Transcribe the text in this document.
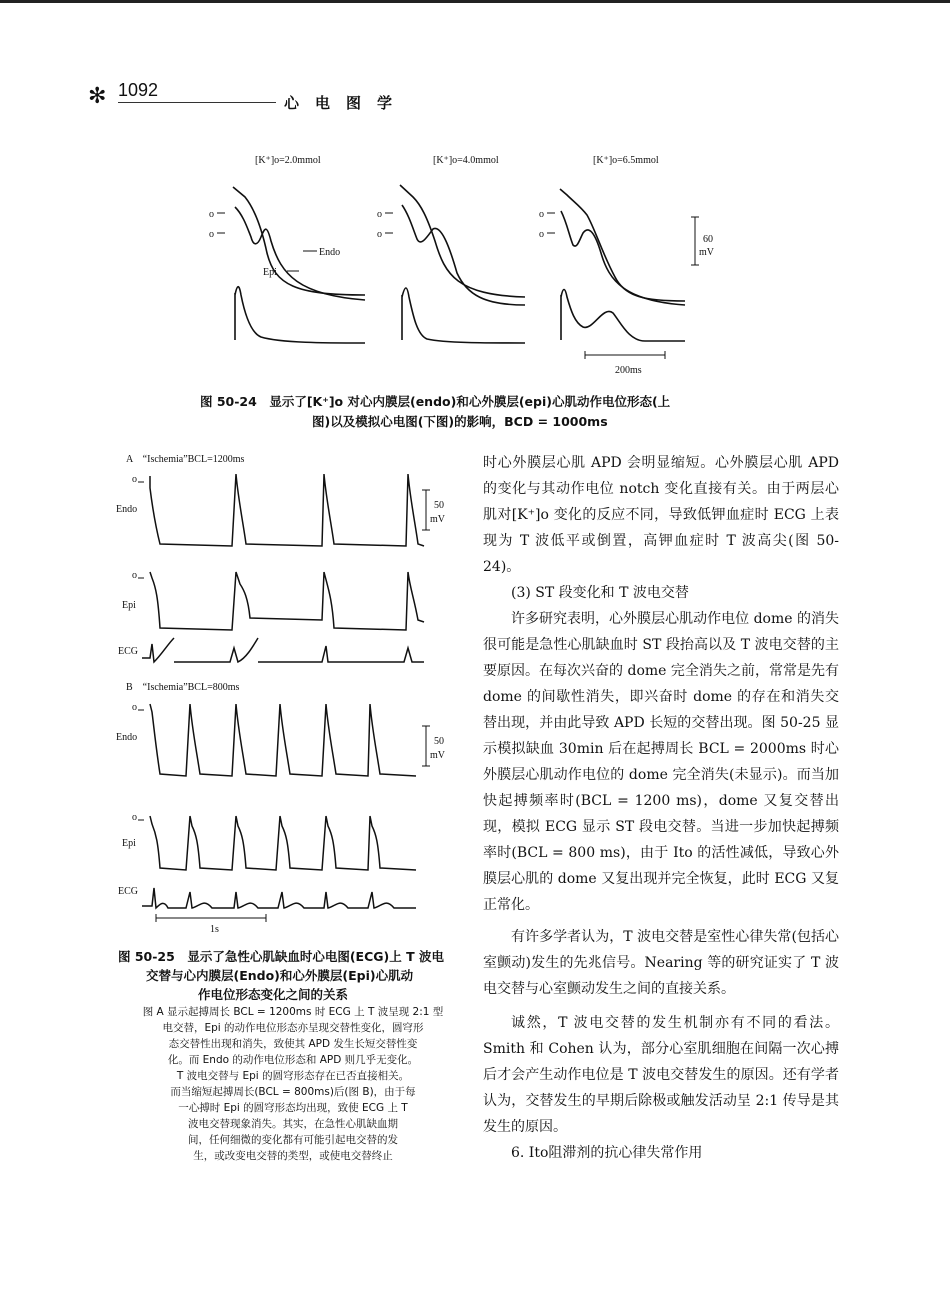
✻ 1092
心电图学
[K⁺]o=2.0mmol	[K⁺]o=4.0mmol	[K⁺]o=6.5mmol
o
o
o
o
o
o
Endo
Epi
60
mV
200ms
图 50-24　显示了[K⁺]o 对心内膜层(endo)和心外膜层(epi)心肌动作电位形态(上
图)以及模拟心电图(下图)的影响，BCD = 1000ms
A　“Ischemia”BCL=1200ms
o
Endo
o
Epi
ECG
B　“Ischemia”BCL=800ms
o
Endo
o
Epi
ECG
1s
50
mV
50
mV
图 50-25　显示了急性心肌缺血时心电图(ECG)上 T 波电
交替与心内膜层(Endo)和心外膜层(Epi)心肌动
作电位形态变化之间的关系
图 A 显示起搏周长 BCL = 1200ms 时 ECG 上 T 波呈现 2:1 型
电交替，Epi 的动作电位形态亦呈现交替性变化，圆穹形
态交替性出现和消失，致使其 APD 发生长短交替性变
化。而 Endo 的动作电位形态和 APD 则几乎无变化。
T 波电交替与 Epi 的圆穹形态存在已否直接相关。
而当缩短起搏周长(BCL = 800ms)后(图 B)，由于每
一心搏时 Epi 的圆穹形态均出现，致使 ECG 上 T
波电交替现象消失。其实，在急性心肌缺血期
间，任何细微的变化都有可能引起电交替的发
生，或改变电交替的类型，或使电交替终止

时心外膜层心肌 APD 会明显缩短。心外膜层心肌 APD 的变化与其动作电位 notch 变化直接有关。由于两层心肌对[K⁺]o 变化的反应不同，导致低钾血症时 ECG 上表现为 T 波低平或倒置，高钾血症时 T 波高尖(图 50-24)。

(3) ST 段变化和 T 波电交替

许多研究表明，心外膜层心肌动作电位 dome 的消失很可能是急性心肌缺血时 ST 段抬高以及 T 波电交替的主要原因。在每次兴奋的 dome 完全消失之前，常常是先有 dome 的间歇性消失，即兴奋时 dome 的存在和消失交替出现，并由此导致 APD 长短的交替出现。图 50-25 显示模拟缺血 30min 后在起搏周长 BCL = 2000ms 时心外膜层心肌动作电位的 dome 完全消失(未显示)。而当加快起搏频率时(BCL = 1200 ms)，dome 又复交替出现，模拟 ECG 显示 ST 段电交替。当进一步加快起搏频率时(BCL = 800 ms)，由于 Ito 的活性减低，导致心外膜层心肌的 dome 又复出现并完全恢复，此时 ECG 又复正常化。

有许多学者认为，T 波电交替是室性心律失常(包括心室颤动)发生的先兆信号。Nearing 等的研究证实了 T 波电交替与心室颤动发生之间的直接关系。

诚然，T 波电交替的发生机制亦有不同的看法。Smith 和 Cohen 认为，部分心室肌细胞在间隔一次心搏后才会产生动作电位是 T 波电交替发生的原因。还有学者认为，交替发生的早期后除极或触发活动呈 2:1 传导是其发生的原因。

6. Ito阻滞剂的抗心律失常作用
